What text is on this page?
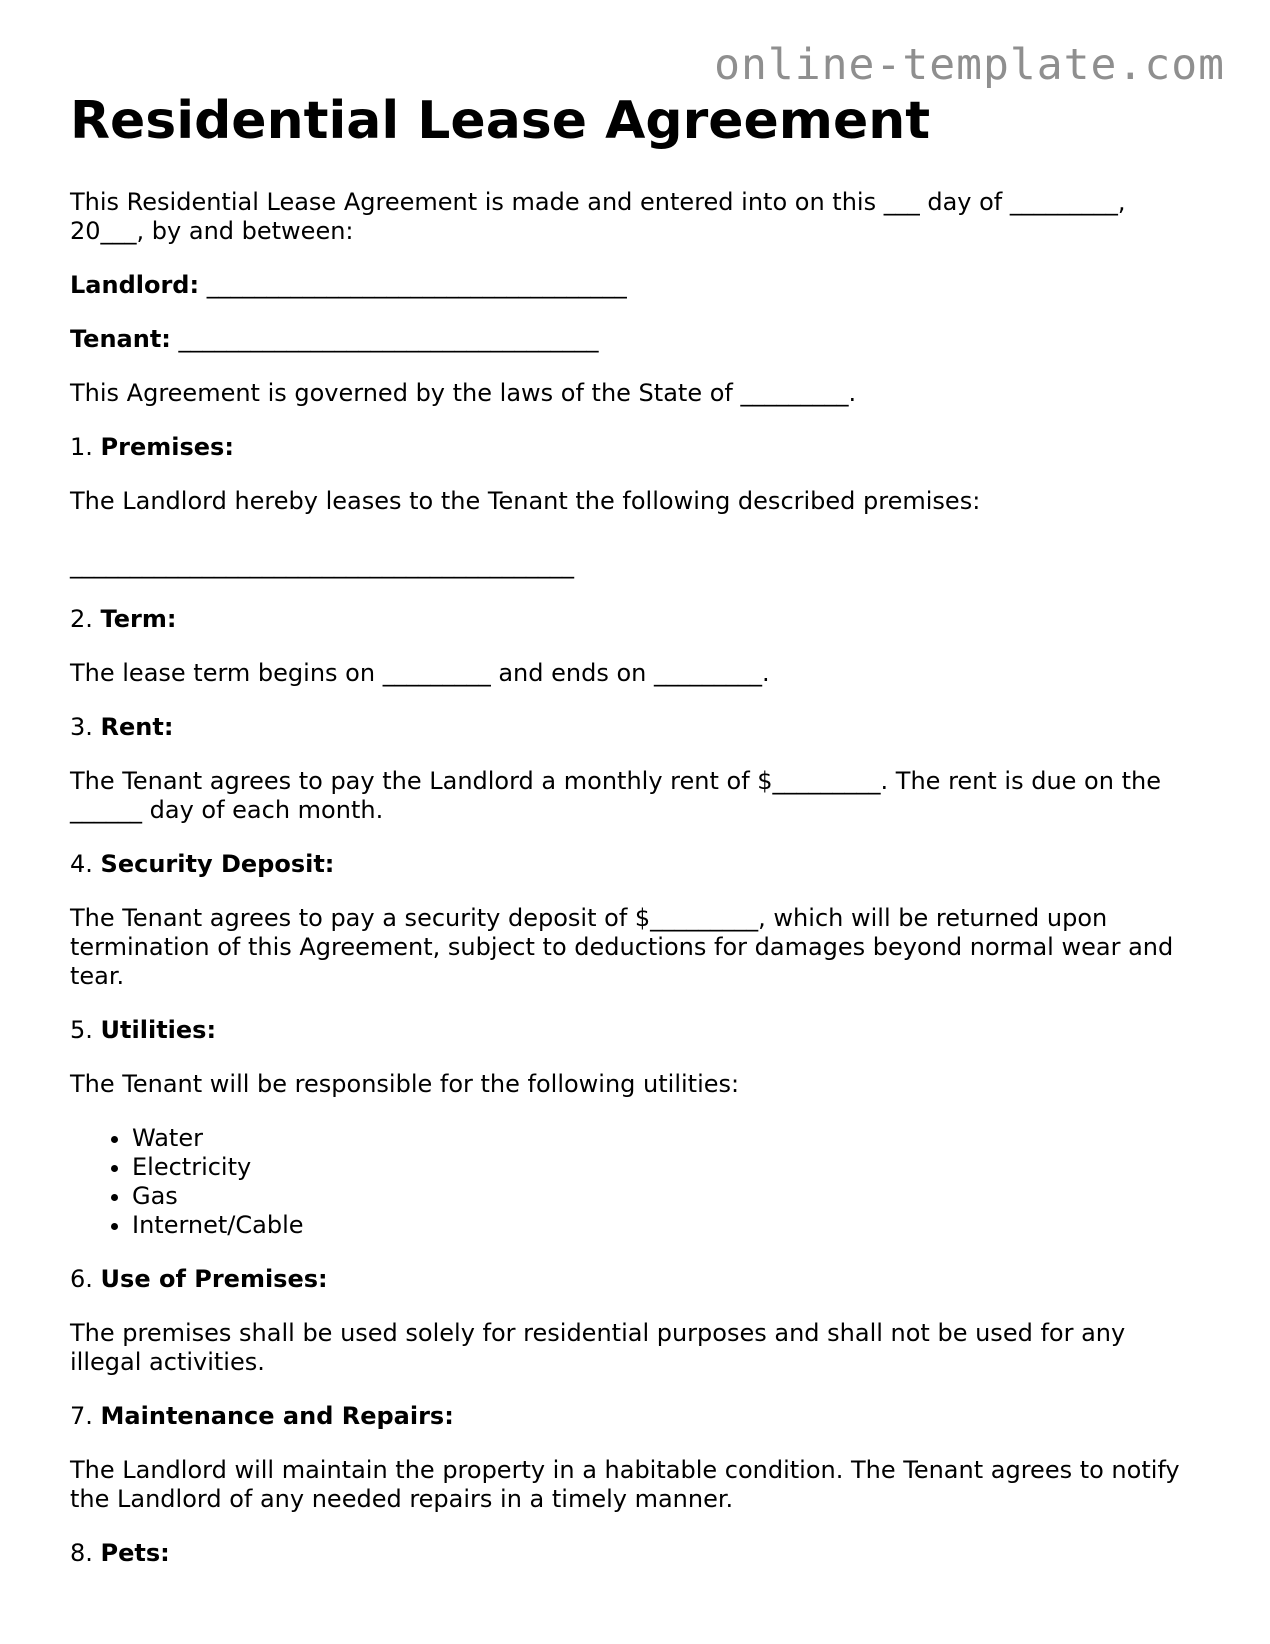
online-template.com
Residential Lease Agreement

This Residential Lease Agreement is made and entered into on this ___ day of _________, 20___, by and between:

Landlord: ___________________________________

Tenant: ___________________________________

This Agreement is governed by the laws of the State of _________.

1. Premises:

The Landlord hereby leases to the Tenant the following described premises:

__________________________________________

2. Term:

The lease term begins on _________ and ends on _________.

3. Rent:

The Tenant agrees to pay the Landlord a monthly rent of $_________. The rent is due on the ______ day of each month.

4. Security Deposit:

The Tenant agrees to pay a security deposit of $_________, which will be returned upon termination of this Agreement, subject to deductions for damages beyond normal wear and tear.

5. Utilities:

The Tenant will be responsible for the following utilities:

• Water
• Electricity
• Gas
• Internet/Cable

6. Use of Premises:

The premises shall be used solely for residential purposes and shall not be used for any illegal activities.

7. Maintenance and Repairs:

The Landlord will maintain the property in a habitable condition. The Tenant agrees to notify the Landlord of any needed repairs in a timely manner.

8. Pets:
